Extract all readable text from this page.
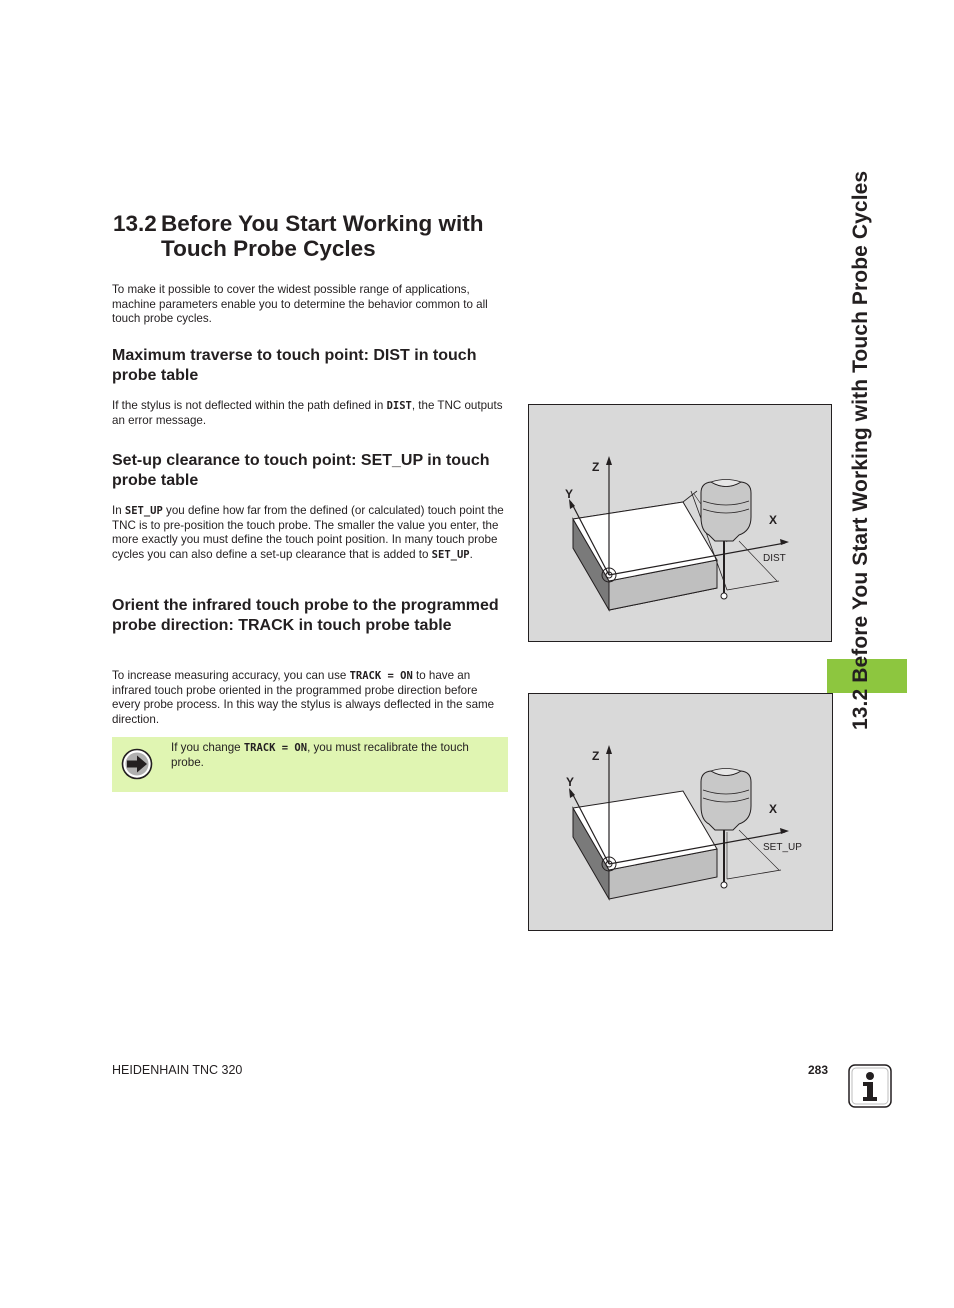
13.2 Before You Start Working with
Touch Probe Cycles
To make it possible to cover the widest possible range of applications, machine parameters enable you to determine the behavior common to all touch probe cycles.
Maximum traverse to touch point: DIST in touch probe table
If the stylus is not deflected within the path defined in DIST, the TNC outputs an error message.
Set-up clearance to touch point: SET_UP in touch probe table
In SET_UP you define how far from the defined (or calculated) touch point the TNC is to pre-position the touch probe. The smaller the value you enter, the more exactly you must define the touch point position. In many touch probe cycles you can also define a set-up clearance that is added to SET_UP.
Orient the infrared touch probe to the programmed probe direction: TRACK in touch probe table
To increase measuring accuracy, you can use TRACK = ON to have an infrared touch probe oriented in the programmed probe direction before every probe process. In this way the stylus is always deflected in the same direction.
If you change TRACK = ON, you must recalibrate the touch probe.
Z
Y
X
DIST
Z
Y
X
SET_UP
13.2 Before You Start Working with Touch Probe Cycles
HEIDENHAIN TNC 320	283
